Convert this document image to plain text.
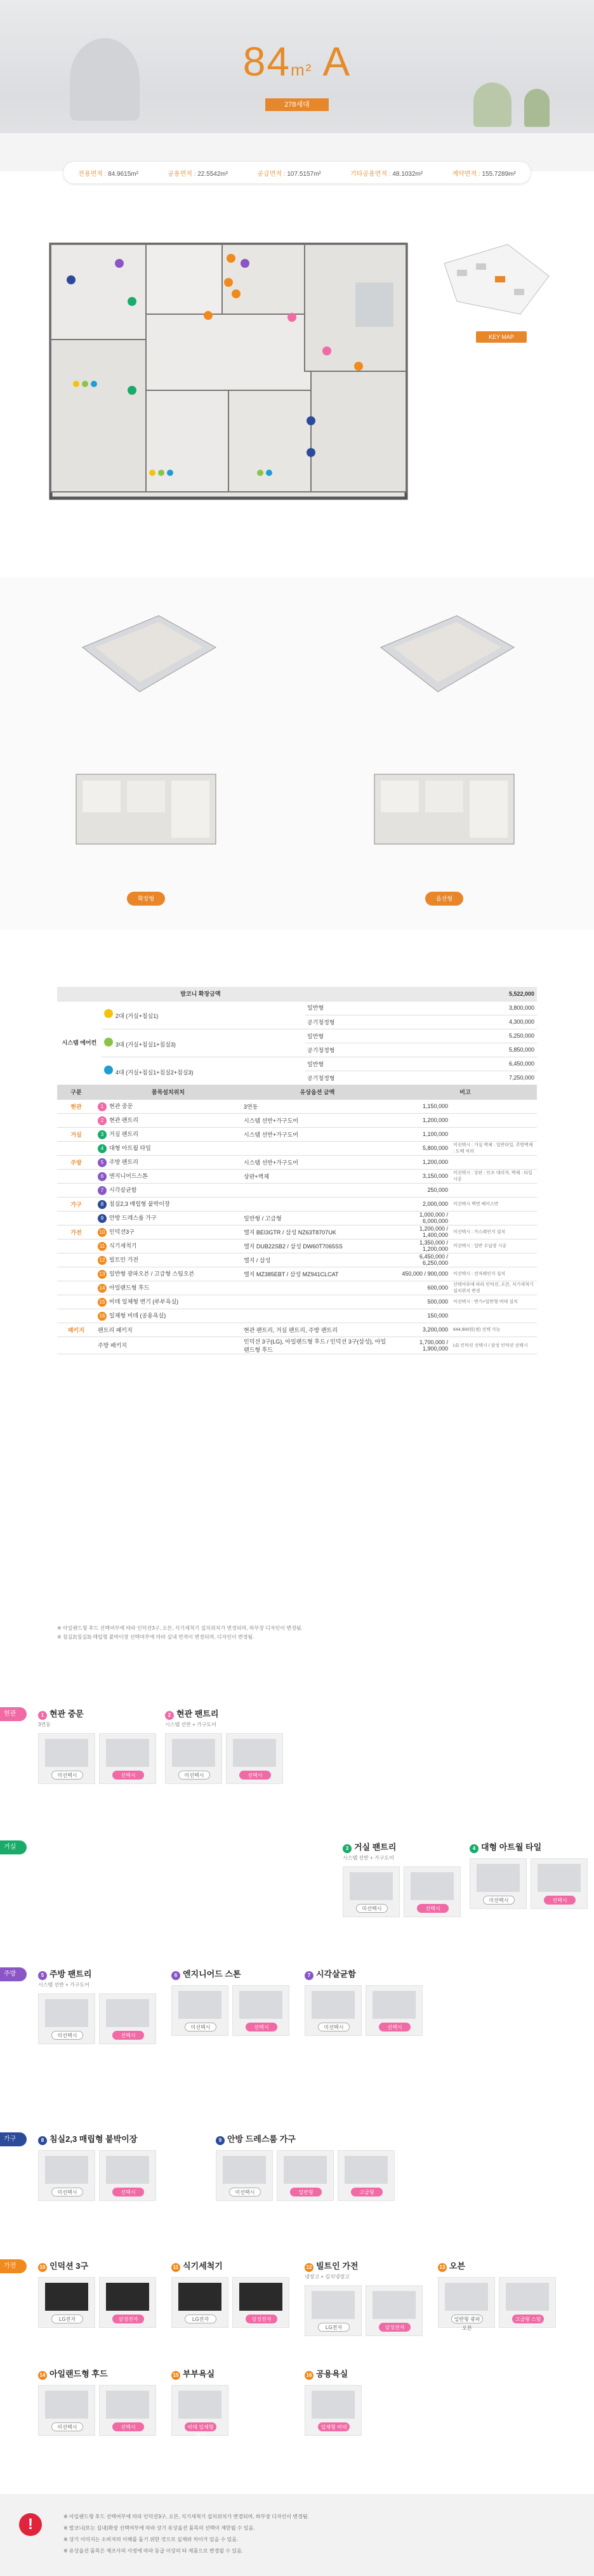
84m² A
278세대
전용면적 : 84.9615m²	공용면적 : 22.5542m²	공급면적 : 107.5157m²	기타공용면적 : 48.1032m²	계약면적 : 155.7289m²
KEY MAP
확장형	옵션형
발코니 확장금액	5,522,000
시스템 에어컨	2대 (거실+침실1)	일반형	3,800,000
		공기청정형	4,300,000
	3대 (거실+침실1+침실3)	일반형	5,250,000
		공기청정형	5,850,000
	4대 (거실+침실1+침실2+침실3)	일반형	6,450,000
		공기청정형	7,250,000
구분	품목설치위치	유상옵션 금액	비고	
현관	1 현관 중문	3연동	1,150,000	
	2 현관 팬트리	시스템 선반+가구도어	1,200,000	
거실	3 거실 팬트리	시스템 선반+가구도어	1,100,000	
	4 대형 아트월 타일		5,800,000	미선택시 : 거실 벽체 : 일반타일, 주방벽체 : 도배 처리
주방	5 주방 팬트리	시스템 선반+가구도어	1,200,000	
	6 엔지니어드스톤	상판+벽체	3,150,000	미선택시 : 상판 : 인조 대리석, 벽체 : 타일 시공
	7 시각살균함		250,000	
가구	8 침실2,3 매립형 붙박이장		2,000,000	미선택시 벽면 베이스만
	9 안방 드레스룸 가구	일반형 / 고급형	1,000,000 / 6,000,000	
가전	10 인덕션3구	엘지 BEI3GTR / 삼성 NZ63T8707UK	1,200,000 / 1,400,000	미선택시 : 가스레인지 설치
	11 식기세척기	엘지 DUB22SB2 / 삼성 DW60T7065SS	1,350,000 / 1,200,000	미선택시 : 일반 수납장 시공
	12 빌트인 가전	엘지 / 삼성	6,450,000 / 6,250,000	
	13 일반형 광파오븐 / 고급형 스팀오븐	엘지 MZ385EBT / 삼성 MZ941CLCAT	450,000 / 900,000	미선택시 : 전자레인지 설치
	14 아일랜드형 후드		600,000	선택여부에 따라 인덕션, 오븐, 식기세척기 설치위치 변경
	15 비데 일체형 변기 (부부욕실)		500,000	미선택시 : 변기+일반형 비데 설치
	16 일체형 비데 (공용욕실)		150,000	
패키지	팬트리 패키지	현관 팬트리, 거실 팬트리, 주방 팬트리	3,200,000	644,900원(정) 선택 가능
	주방 패키지	인덕션 3구(LG), 아일랜드형 후드 / 인덕션 3구(삼성), 아일랜드형 후드	1,700,000 / 1,900,000	LG 인덕션 선택시 / 삼성 인덕션 선택시
※ 아일랜드형 후드 선택여부에 따라 인덕션3구, 오븐, 식기세척기 설치위치가 변경되며, 하부장 디자인이 변경됨.
※ 침실2(침실3) 매립형 붙박이장 선택여부에 따라 실내 면적이 변경되며, 디자인이 변경됨.
현관	1 현관 중문
3연동
미선택시	선택시
2 현관 팬트리
시스템 선반 + 가구도어
미선택시	선택시
거실	3 거실 팬트리
시스템 선반 + 가구도어
미선택시	선택시
4 대형 아트월 타일
미선택시	선택시
주방	5 주방 팬트리
시스템 선반 + 가구도어
미선택시	선택시
6 엔지니어드 스톤
미선택시	선택시
7 시각살균함
미선택시	선택시
가구	8 침실2,3 매립형 붙박이장
미선택시	선택시
9 안방 드레스룸 가구
미선택시	일반형	고급형
가전	10 인덕션 3구
LG전자	삼성전자
11 식기세척기
LG전자	삼성전자
12 빌트인 가전
냉장고 + 김치냉장고
LG전자	삼성전자
13 오븐
일반형 광파오븐
고급형 스팀오븐
14 아일랜드형 후드
미선택시	선택시
15 부부욕실
비데 일체형 변기
16 공용욕실
일체형 비데
!	※ 아일랜드형 후드 선택여부에 따라 인덕션3구, 오븐, 식기세척기 설치위치가 변경되며, 하부장 디자인이 변경됨.

※ 발코니(또는 실내)확장 선택여부에 따라 상기 유상옵션 품목의 선택이 제한될 수 있음.

※ 상기 이미지는 소비자의 이해를 돕기 위한 것으로 실제와 차이가 있을 수 있음.

※ 유상옵션 품목은 제조사의 사정에 따라 동급 이상의 타 제품으로 변경될 수 있음.
